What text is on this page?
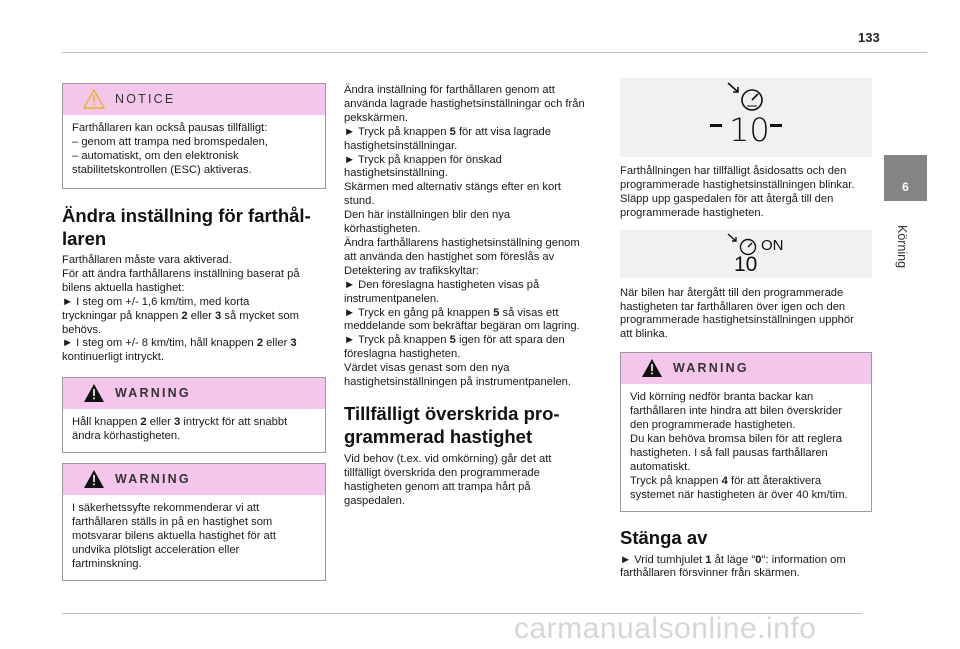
133
6
Körning
NOTICE

Farthållaren kan också pausas tillfälligt:

– genom att trampa ned bromspedalen,

– automatiskt, om den elektronisk

stabilitetskontrollen (ESC) aktiveras.

Ändra inställning för farthål-
laren

Farthållaren måste vara aktiverad.

För att ändra farthållarens inställning baserat på

bilens aktuella hastighet:

► I steg om +/- 1,6 km/tim, med korta

tryckningar på knappen 2 eller 3 så mycket som

behövs.

► I steg om +/- 8 km/tim, håll knappen 2 eller 3

kontinuerligt intryckt.

WARNING

Håll knappen 2 eller 3 intryckt för att snabbt

ändra körhastigheten.

WARNING

I säkerhetssyfte rekommenderar vi att

farthållaren ställs in på en hastighet som

motsvarar bilens aktuella hastighet för att

undvika plötsligt acceleration eller

fartminskning.

Ändra inställning för farthållaren genom att

använda lagrade hastighetsinställningar och från

pekskärmen.

► Tryck på knappen 5 för att visa lagrade

hastighetsinställningar.

► Tryck på knappen för önskad

hastighetsinställning.

Skärmen med alternativ stängs efter en kort

stund.

Den här inställningen blir den nya

körhastigheten.

Ändra farthållarens hastighetsinställning genom

att använda den hastighet som föreslås av

Detektering av trafikskyltar:

► Den föreslagna hastigheten visas på

instrumentpanelen.

► Tryck en gång på knappen 5 så visas ett

meddelande som bekräftar begäran om lagring.

► Tryck på knappen 5 igen för att spara den

föreslagna hastigheten.

Värdet visas genast som den nya

hastighetsinställningen på instrumentpanelen.

Tillfälligt överskrida pro-
grammerad hastighet

Vid behov (t.ex. vid omkörning) går det att

tillfälligt överskrida den programmerade

hastigheten genom att trampa hårt på

gaspedalen.

10

Farthållningen har tillfälligt åsidosatts och den

programmerade hastighetsinställningen blinkar.

Släpp upp gaspedalen för att återgå till den

programmerade hastigheten.

ON
10

När bilen har återgått till den programmerade

hastigheten tar farthållaren över igen och den

programmerade hastighetsinställningen upphör

att blinka.

WARNING

Vid körning nedför branta backar kan

farthållaren inte hindra att bilen överskrider

den programmerade hastigheten.

Du kan behöva bromsa bilen för att reglera

hastigheten. I så fall pausas farthållaren

automatiskt.

Tryck på knappen 4 för att återaktivera

systemet när hastigheten är över 40 km/tim.

Stänga av

► Vrid tumhjulet 1 åt läge "0": information om

farthållaren försvinner från skärmen.

carmanualsonline.info
